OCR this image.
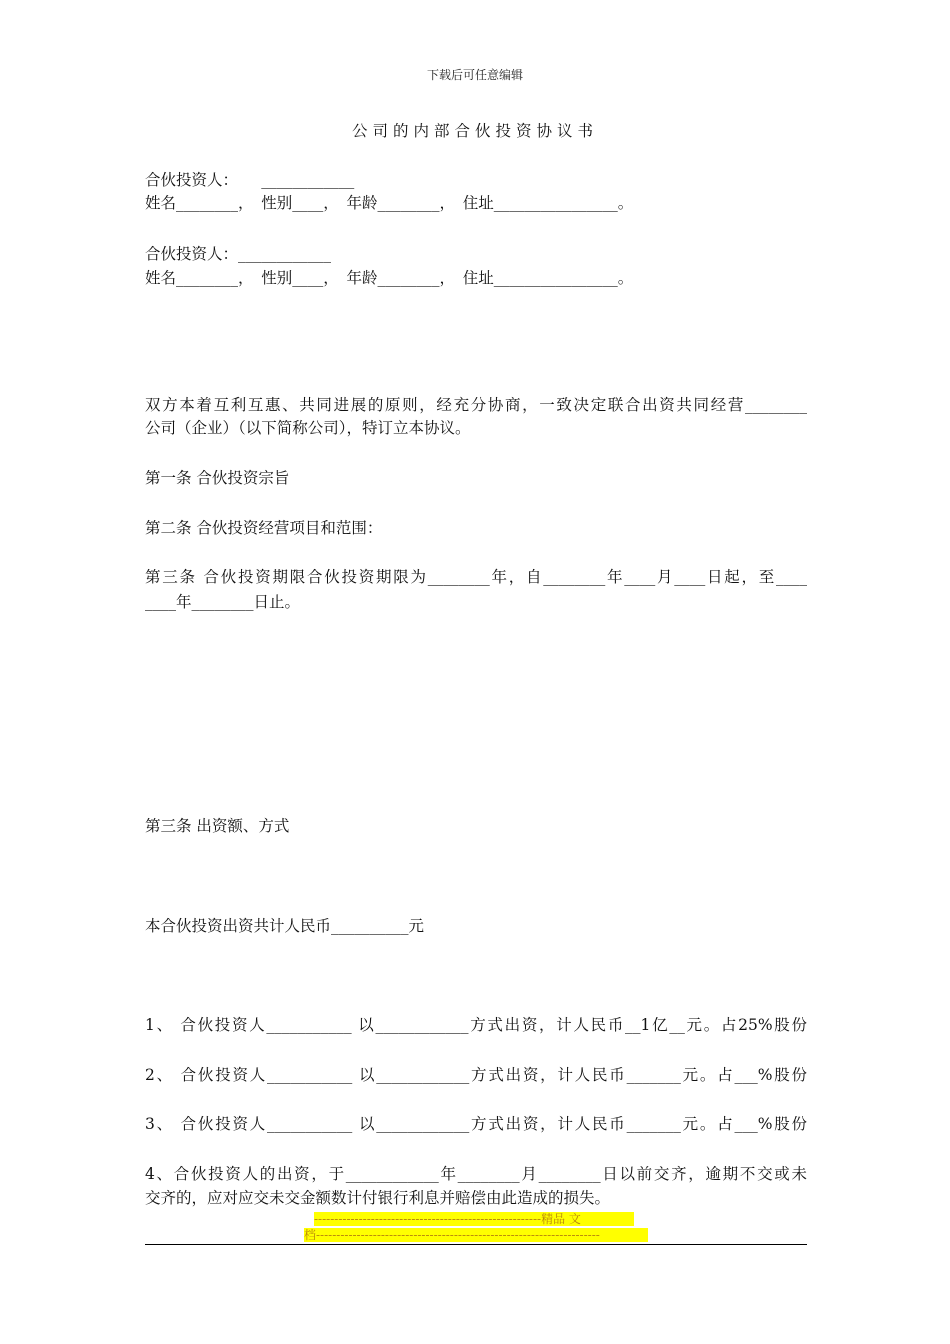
下载后可任意编辑
公司的内部合伙投资协议书
合伙投资人：　　____________
姓名________，　性别____，　年龄________，　住址________________。
合伙投资人：____________
姓名________，　性别____，　年龄________，　住址________________。
双方本着互利互惠、共同进展的原则，经充分协商，一致决定联合出资共同经营________
公司（企业）（以下简称公司），特订立本协议。
第一条 合伙投资宗旨
第二条 合伙投资经营项目和范围：
第三条 合伙投资期限合伙投资期限为________年，自________年____月____日起，至____
____年________日止。
第三条 出资额、方式
本合伙投资出资共计人民币__________元
1、 合伙投资人___________ 以____________方式出资，计人民币__1亿__元。占25%股份
2、 合伙投资人___________ 以____________方式出资，计人民币_______元。占___%股份
3、 合伙投资人___________ 以____________方式出资，计人民币_______元。占___%股份
4、合伙投资人的出资，于____________年________月________日以前交齐，逾期不交或未
交齐的，应对应交未交金额数计付银行利息并赔偿由此造成的损失。
--------------------------------------------------------精品 文
档----------------------------------------------------------------------
